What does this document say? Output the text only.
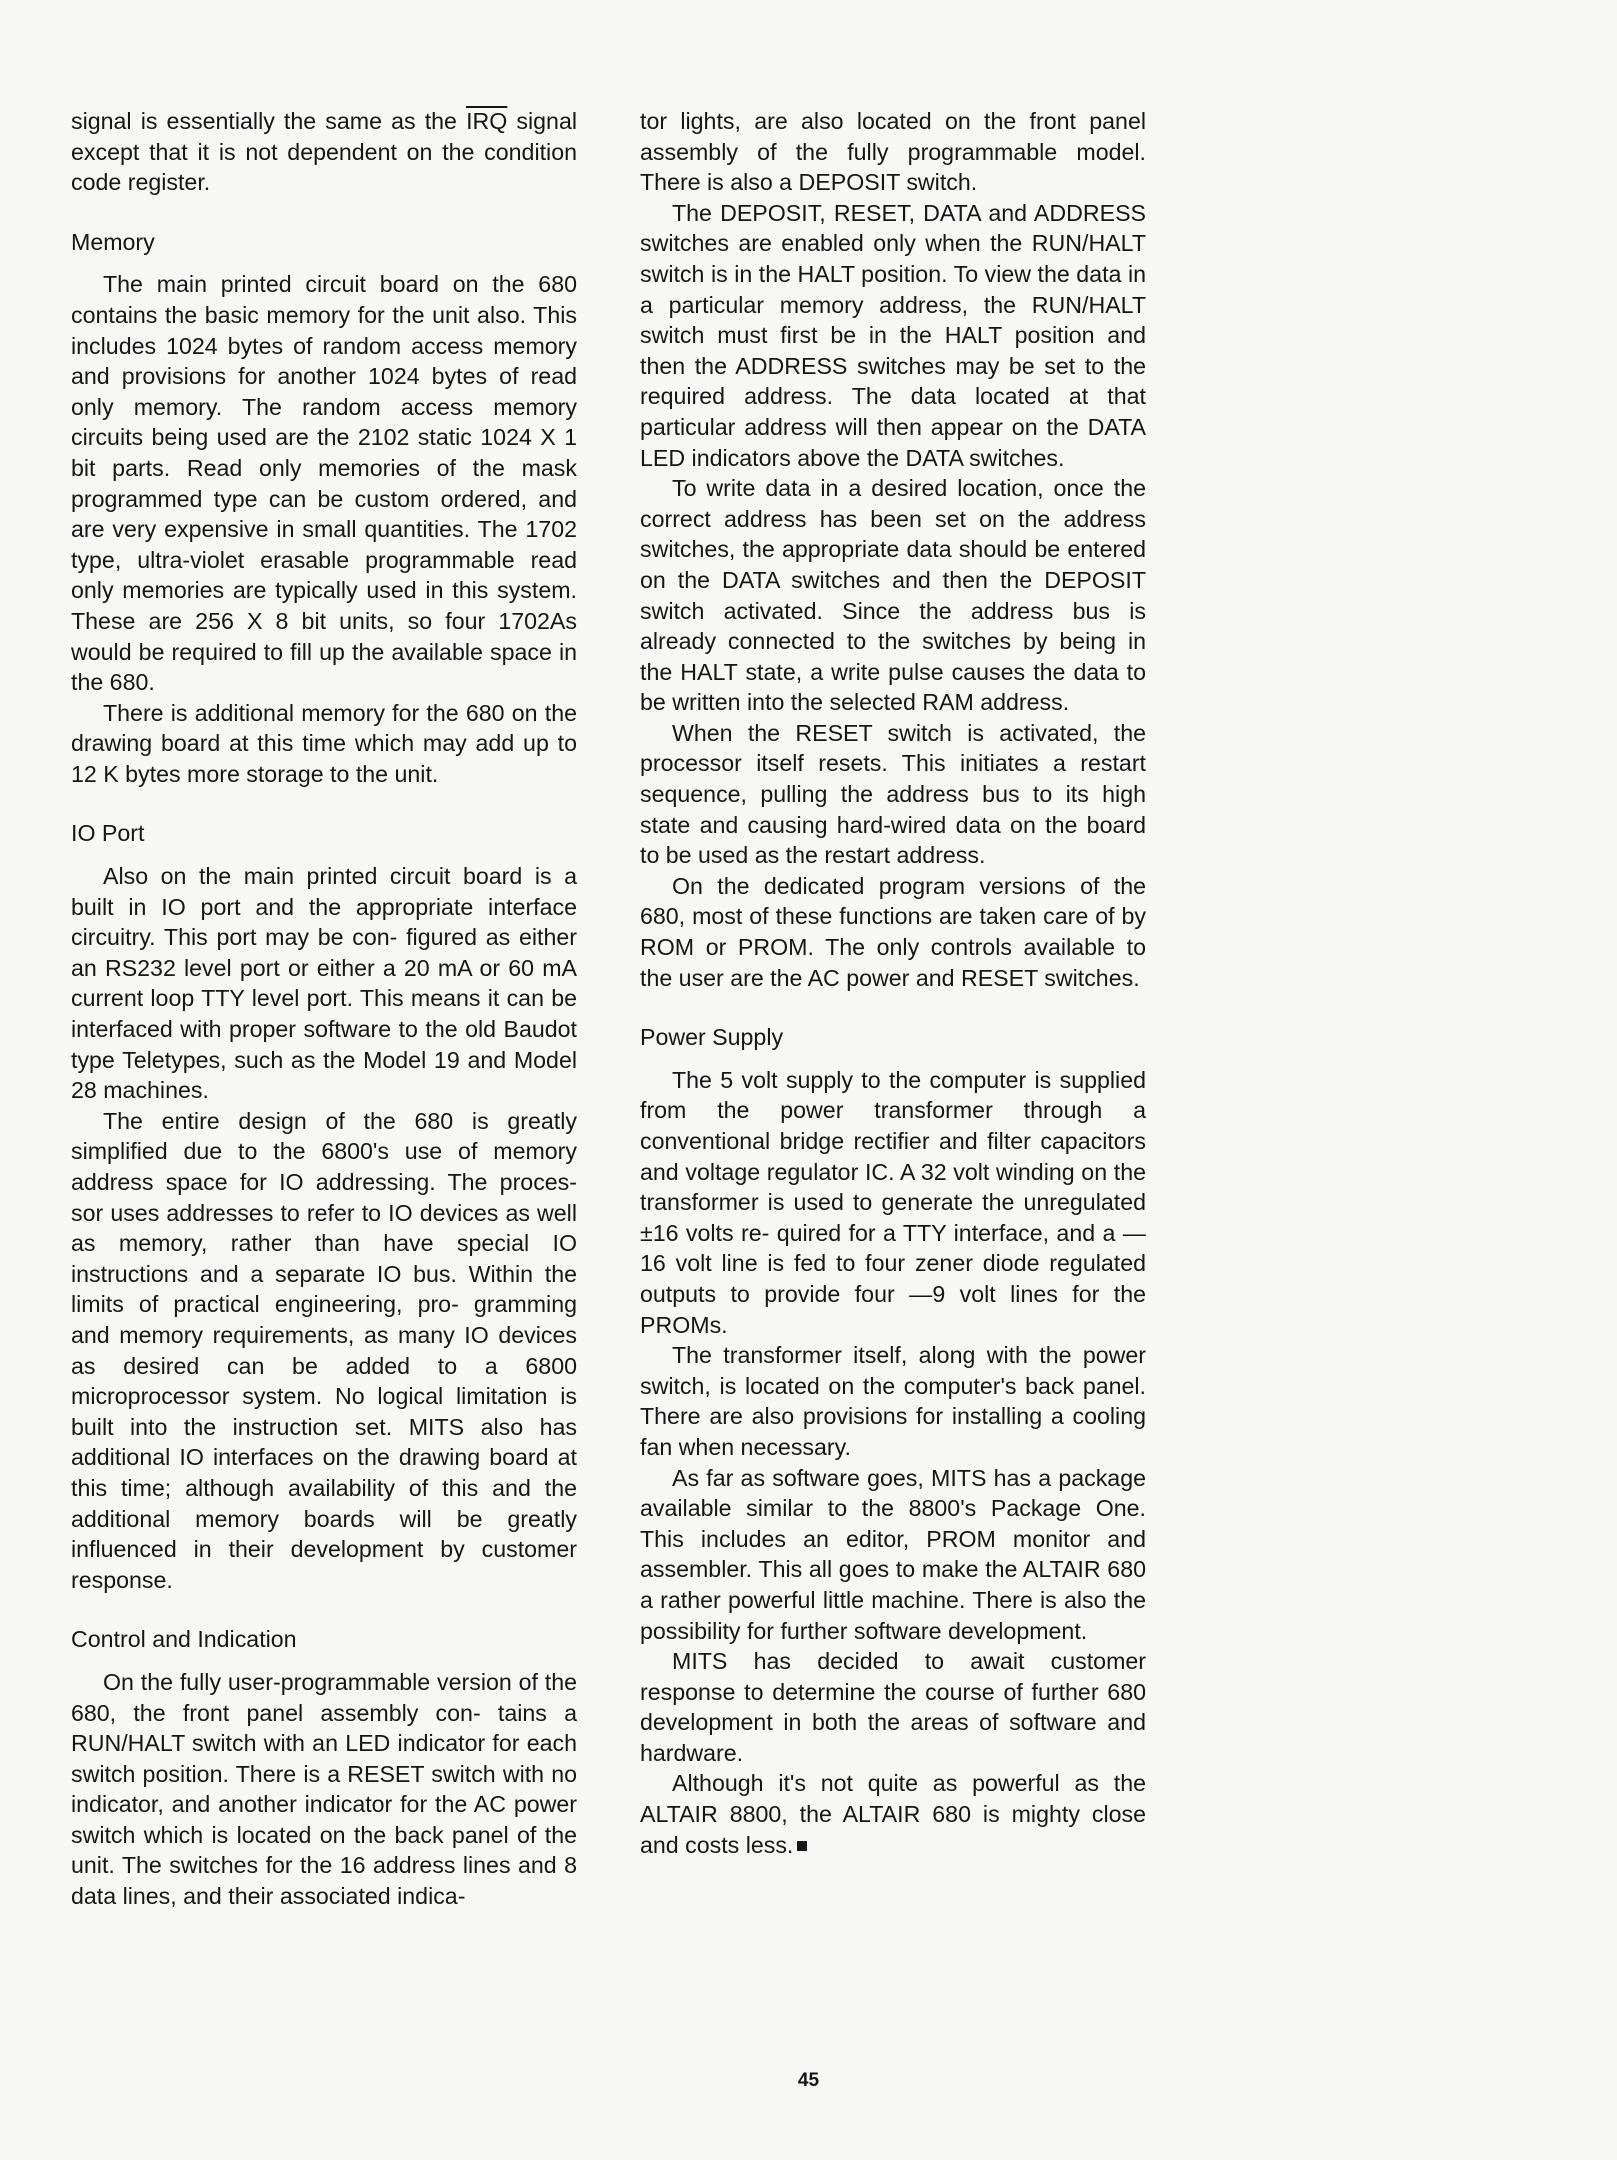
signal is essentially the same as the $\overline{IRQ}$ signal except that it is not dependent on the condition code register.

Memory

The main printed circuit board on the 680 contains the basic memory for the unit also. This includes 1024 bytes of random access memory and provisions for another 1024 bytes of read only memory. The random access memory circuits being used are the 2102 static 1024 X 1 bit parts. Read only memories of the mask programmed type can be custom ordered, and are very expensive in small quantities. The 1702 type, ultra-violet erasable programmable read only memories are typically used in this system. These are 256 X 8 bit units, so four 1702As would be required to fill up the available space in the 680.

There is additional memory for the 680 on the drawing board at this time which may add up to 12 K bytes more storage to the unit.

IO Port

Also on the main printed circuit board is a built in IO port and the appropriate interface circuitry. This port may be con- figured as either an RS232 level port or either a 20 mA or 60 mA current loop TTY level port. This means it can be interfaced with proper software to the old Baudot type Teletypes, such as the Model 19 and Model 28 machines.

The entire design of the 680 is greatly simplified due to the 6800's use of memory address space for IO addressing. The proces- sor uses addresses to refer to IO devices as well as memory, rather than have special IO instructions and a separate IO bus. Within the limits of practical engineering, pro- gramming and memory requirements, as many IO devices as desired can be added to a 6800 microprocessor system. No logical limitation is built into the instruction set. MITS also has additional IO interfaces on the drawing board at this time; although availability of this and the additional memory boards will be greatly influenced in their development by customer response.

Control and Indication

On the fully user-programmable version of the 680, the front panel assembly con- tains a RUN/HALT switch with an LED indicator for each switch position. There is a RESET switch with no indicator, and another indicator for the AC power switch which is located on the back panel of the unit. The switches for the 16 address lines and 8 data lines, and their associated indica-

tor lights, are also located on the front panel assembly of the fully programmable model. There is also a DEPOSIT switch.

The DEPOSIT, RESET, DATA and ADDRESS switches are enabled only when the RUN/HALT switch is in the HALT position. To view the data in a particular memory address, the RUN/HALT switch must first be in the HALT position and then the ADDRESS switches may be set to the required address. The data located at that particular address will then appear on the DATA LED indicators above the DATA switches.

To write data in a desired location, once the correct address has been set on the address switches, the appropriate data should be entered on the DATA switches and then the DEPOSIT switch activated. Since the address bus is already connected to the switches by being in the HALT state, a write pulse causes the data to be written into the selected RAM address.

When the RESET switch is activated, the processor itself resets. This initiates a restart sequence, pulling the address bus to its high state and causing hard-wired data on the board to be used as the restart address.

On the dedicated program versions of the 680, most of these functions are taken care of by ROM or PROM. The only controls available to the user are the AC power and RESET switches.

Power Supply

The 5 volt supply to the computer is supplied from the power transformer through a conventional bridge rectifier and filter capacitors and voltage regulator IC. A 32 volt winding on the transformer is used to generate the unregulated ±16 volts re- quired for a TTY interface, and a —16 volt line is fed to four zener diode regulated outputs to provide four —9 volt lines for the PROMs.

The transformer itself, along with the power switch, is located on the computer's back panel. There are also provisions for installing a cooling fan when necessary.

As far as software goes, MITS has a package available similar to the 8800's Package One. This includes an editor, PROM monitor and assembler. This all goes to make the ALTAIR 680 a rather powerful little machine. There is also the possibility for further software development.

MITS has decided to await customer response to determine the course of further 680 development in both the areas of software and hardware.

Although it's not quite as powerful as the ALTAIR 8800, the ALTAIR 680 is mighty close and costs less.

45
